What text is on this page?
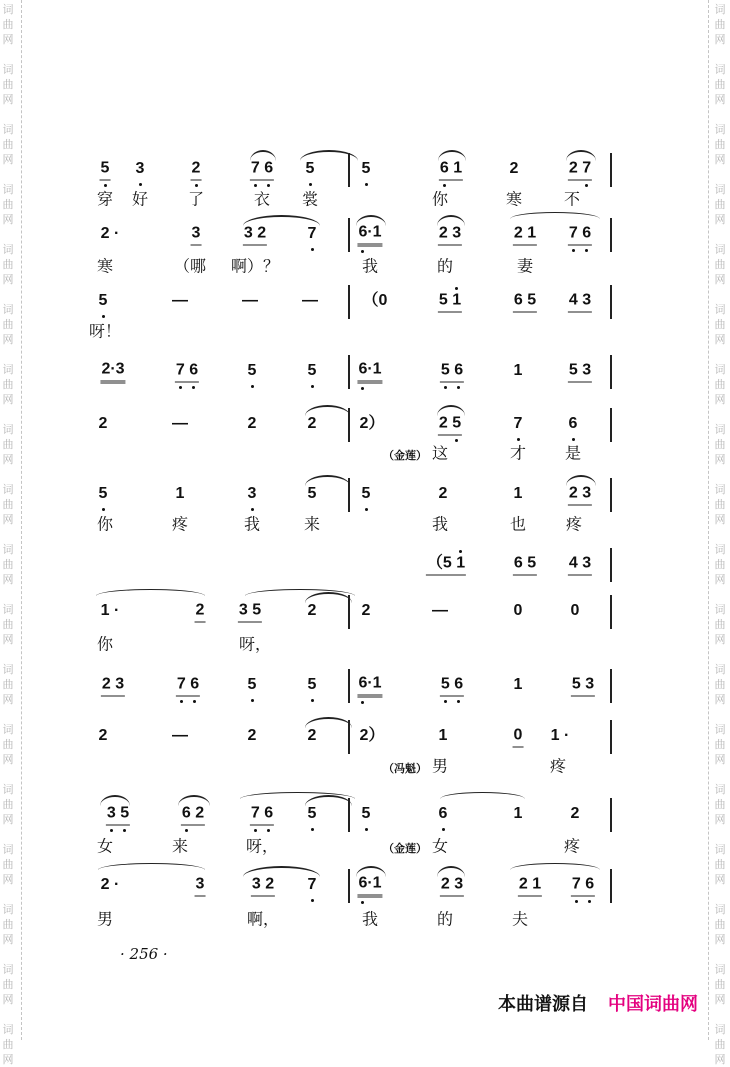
词
曲
网
词
曲
网
词
曲
网
词
曲
网
词
曲
网
词
曲
网
词
曲
网
词
曲
网
词
曲
网
词
曲
网
词
曲
网
词
曲
网
词
曲
网
词
曲
网
词
曲
网
词
曲
网
词
曲
网
词
曲
网
词
曲
网
词
曲
网
词
曲
网
词
曲
网
词
曲
网
词
曲
网
词
曲
网
词
曲
网
词
曲
网
词
曲
网
词
曲
网
词
曲
网
词
曲
网
词
曲
网
词
曲
网
词
曲
网
词
曲
网
词
曲
网
5 3	2	7 6 5	5	6 1	2	2 7
穿 好 了	衣 裳	你	寒	不
2 ·	3	3 2	7	6·1	2 3	2 1 7 6
寒	（哪 啊）？	我	的	妻
5	—	—	—	（0	5 1	6 5 4 3
呀！
2·3	7 6	5	5	6·1	5 6	1	5 3
2	—	2	2	2）	2 5	7	6
这	才 是
（金莲）
5	1	3	5	5	2	1	2 3
你	疼	我	来	我	也 疼
（5 1	6 5 4 3
1 ·	2 3 5	2	2	—	0	0
你	呀，
2 3	7 6	5	5	6·1	5 6	1	5 3
2	—	2	2	2）	1	0 1 ·
男	疼
（冯魁）
3 5	6 2	7 6 5	5	6	1	2
女	来	呀，	女	疼
（金莲）
2 ·	3	3 2 7	6·1	2 3	2 1 7 6
男	啊，	我	的	夫
· 256 ·
本曲谱源自 中国词曲网
